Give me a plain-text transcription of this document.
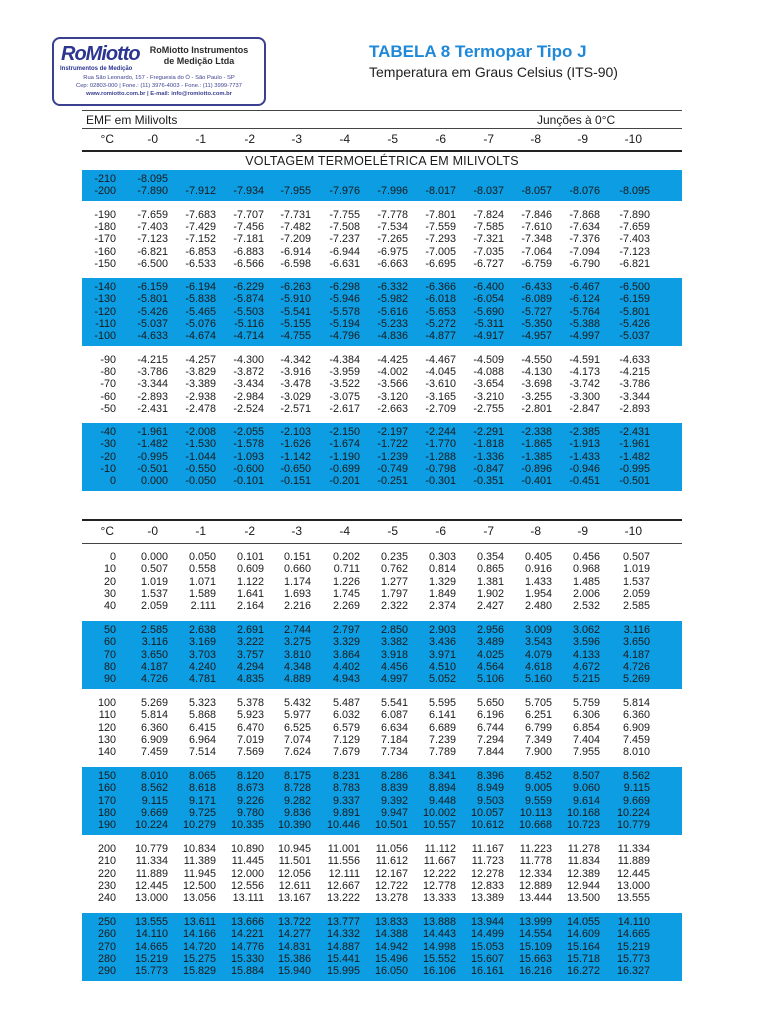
RoMiotto
Instrumentos de Medição
RoMiotto Instrumentos
de Medição Ltda
Rua São Leonardo, 157 - Freguesia do Ó - São Paulo - SP
Cep: 02803-000 | Fone.: (11) 3976-4003 - Fone.: (11) 3999-7737
www.romiotto.com.br | E-mail: info@romiotto.com.br
TABELA 8 Termopar Tipo J
Temperatura em Graus Celsius (ITS-90)
EMF em Milivolts	Junções à 0°C
°C	-0	-1	-2	-3	-4	-5	-6	-7	-8	-9	-10
VOLTAGEM TERMOELÉTRICA EM MILIVOLTS
-210	-8.095
-200	-7.890	-7.912	-7.934	-7.955	-7.976	-7.996	-8.017	-8.037	-8.057	-8.076	-8.095
-190	-7.659	-7.683	-7.707	-7.731	-7.755	-7.778	-7.801	-7.824	-7.846	-7.868	-7.890
-180	-7.403	-7.429	-7.456	-7.482	-7.508	-7.534	-7.559	-7.585	-7.610	-7.634	-7.659
-170	-7.123	-7.152	-7.181	-7.209	-7.237	-7.265	-7.293	-7.321	-7.348	-7.376	-7.403
-160	-6.821	-6.853	-6.883	-6.914	-6.944	-6.975	-7.005	-7.035	-7.064	-7.094	-7.123
-150	-6.500	-6.533	-6.566	-6.598	-6.631	-6.663	-6.695	-6.727	-6.759	-6.790	-6.821
-140	-6.159	-6.194	-6.229	-6.263	-6.298	-6.332	-6.366	-6.400	-6.433	-6.467	-6.500
-130	-5.801	-5.838	-5.874	-5.910	-5.946	-5.982	-6.018	-6.054	-6.089	-6.124	-6.159
-120	-5.426	-5.465	-5.503	-5.541	-5.578	-5.616	-5.653	-5.690	-5.727	-5.764	-5.801
-110	-5.037	-5.076	-5.116	-5.155	-5.194	-5.233	-5.272	-5.311	-5.350	-5.388	-5.426
-100	-4.633	-4.674	-4.714	-4.755	-4.796	-4.836	-4.877	-4.917	-4.957	-4.997	-5.037
-90	-4.215	-4.257	-4.300	-4.342	-4.384	-4.425	-4.467	-4.509	-4.550	-4.591	-4.633
-80	-3.786	-3.829	-3.872	-3.916	-3.959	-4.002	-4.045	-4.088	-4.130	-4.173	-4.215
-70	-3.344	-3.389	-3.434	-3.478	-3.522	-3.566	-3.610	-3.654	-3.698	-3.742	-3.786
-60	-2.893	-2.938	-2.984	-3.029	-3.075	-3.120	-3.165	-3.210	-3.255	-3.300	-3.344
-50	-2.431	-2.478	-2.524	-2.571	-2.617	-2.663	-2.709	-2.755	-2.801	-2.847	-2.893
-40	-1.961	-2.008	-2.055	-2.103	-2.150	-2.197	-2.244	-2.291	-2.338	-2.385	-2.431
-30	-1.482	-1.530	-1.578	-1.626	-1.674	-1.722	-1.770	-1.818	-1.865	-1.913	-1.961
-20	-0.995	-1.044	-1.093	-1.142	-1.190	-1.239	-1.288	-1.336	-1.385	-1.433	-1.482
-10	-0.501	-0.550	-0.600	-0.650	-0.699	-0.749	-0.798	-0.847	-0.896	-0.946	-0.995
0	0.000	-0.050	-0.101	-0.151	-0.201	-0.251	-0.301	-0.351	-0.401	-0.451	-0.501
°C	-0	-1	-2	-3	-4	-5	-6	-7	-8	-9	-10
0	0.000	0.050	0.101	0.151	0.202	0.235	0.303	0.354	0.405	0.456	0.507
10	0.507	0.558	0.609	0.660	0.711	0.762	0.814	0.865	0.916	0.968	1.019
20	1.019	1.071	1.122	1.174	1.226	1.277	1.329	1.381	1.433	1.485	1.537
30	1.537	1.589	1.641	1.693	1.745	1.797	1.849	1.902	1.954	2.006	2.059
40	2.059	2.111	2.164	2.216	2.269	2.322	2.374	2.427	2.480	2.532	2.585
50	2.585	2.638	2.691	2.744	2.797	2.850	2.903	2.956	3.009	3.062	3.116
60	3.116	3.169	3.222	3.275	3.329	3.382	3.436	3.489	3.543	3.596	3.650
70	3.650	3.703	3.757	3.810	3.864	3.918	3.971	4.025	4.079	4.133	4.187
80	4.187	4.240	4.294	4.348	4.402	4.456	4.510	4.564	4.618	4.672	4.726
90	4.726	4.781	4.835	4.889	4.943	4.997	5.052	5.106	5.160	5.215	5.269
100	5.269	5.323	5.378	5.432	5.487	5.541	5.595	5.650	5.705	5.759	5.814
110	5.814	5.868	5.923	5.977	6.032	6.087	6.141	6.196	6.251	6.306	6.360
120	6.360	6.415	6.470	6.525	6.579	6.634	6.689	6.744	6.799	6.854	6.909
130	6.909	6.964	7.019	7.074	7.129	7.184	7.239	7.294	7.349	7.404	7.459
140	7.459	7.514	7.569	7.624	7.679	7.734	7.789	7.844	7.900	7.955	8.010
150	8.010	8.065	8.120	8.175	8.231	8.286	8.341	8.396	8.452	8.507	8.562
160	8.562	8.618	8.673	8.728	8.783	8.839	8.894	8.949	9.005	9.060	9.115
170	9.115	9.171	9.226	9.282	9.337	9.392	9.448	9.503	9.559	9.614	9.669
180	9.669	9.725	9.780	9.836	9.891	9.947	10.002	10.057	10.113	10.168	10.224
190	10.224	10.279	10.335	10.390	10.446	10.501	10.557	10.612	10.668	10.723	10.779
200	10.779	10.834	10.890	10.945	11.001	11.056	11.112	11.167	11.223	11.278	11.334
210	11.334	11.389	11.445	11.501	11.556	11.612	11.667	11.723	11.778	11.834	11.889
220	11.889	11.945	12.000	12.056	12.111	12.167	12.222	12.278	12.334	12.389	12.445
230	12.445	12.500	12.556	12.611	12.667	12.722	12.778	12.833	12.889	12.944	13.000
240	13.000	13.056	13.111	13.167	13.222	13.278	13.333	13.389	13.444	13.500	13.555
250	13.555	13.611	13.666	13.722	13.777	13.833	13.888	13.944	13.999	14.055	14.110
260	14.110	14.166	14.221	14.277	14.332	14.388	14.443	14.499	14.554	14.609	14.665
270	14.665	14.720	14.776	14.831	14.887	14.942	14.998	15.053	15.109	15.164	15.219
280	15.219	15.275	15.330	15.386	15.441	15.496	15.552	15.607	15.663	15.718	15.773
290	15.773	15.829	15.884	15.940	15.995	16.050	16.106	16.161	16.216	16.272	16.327
